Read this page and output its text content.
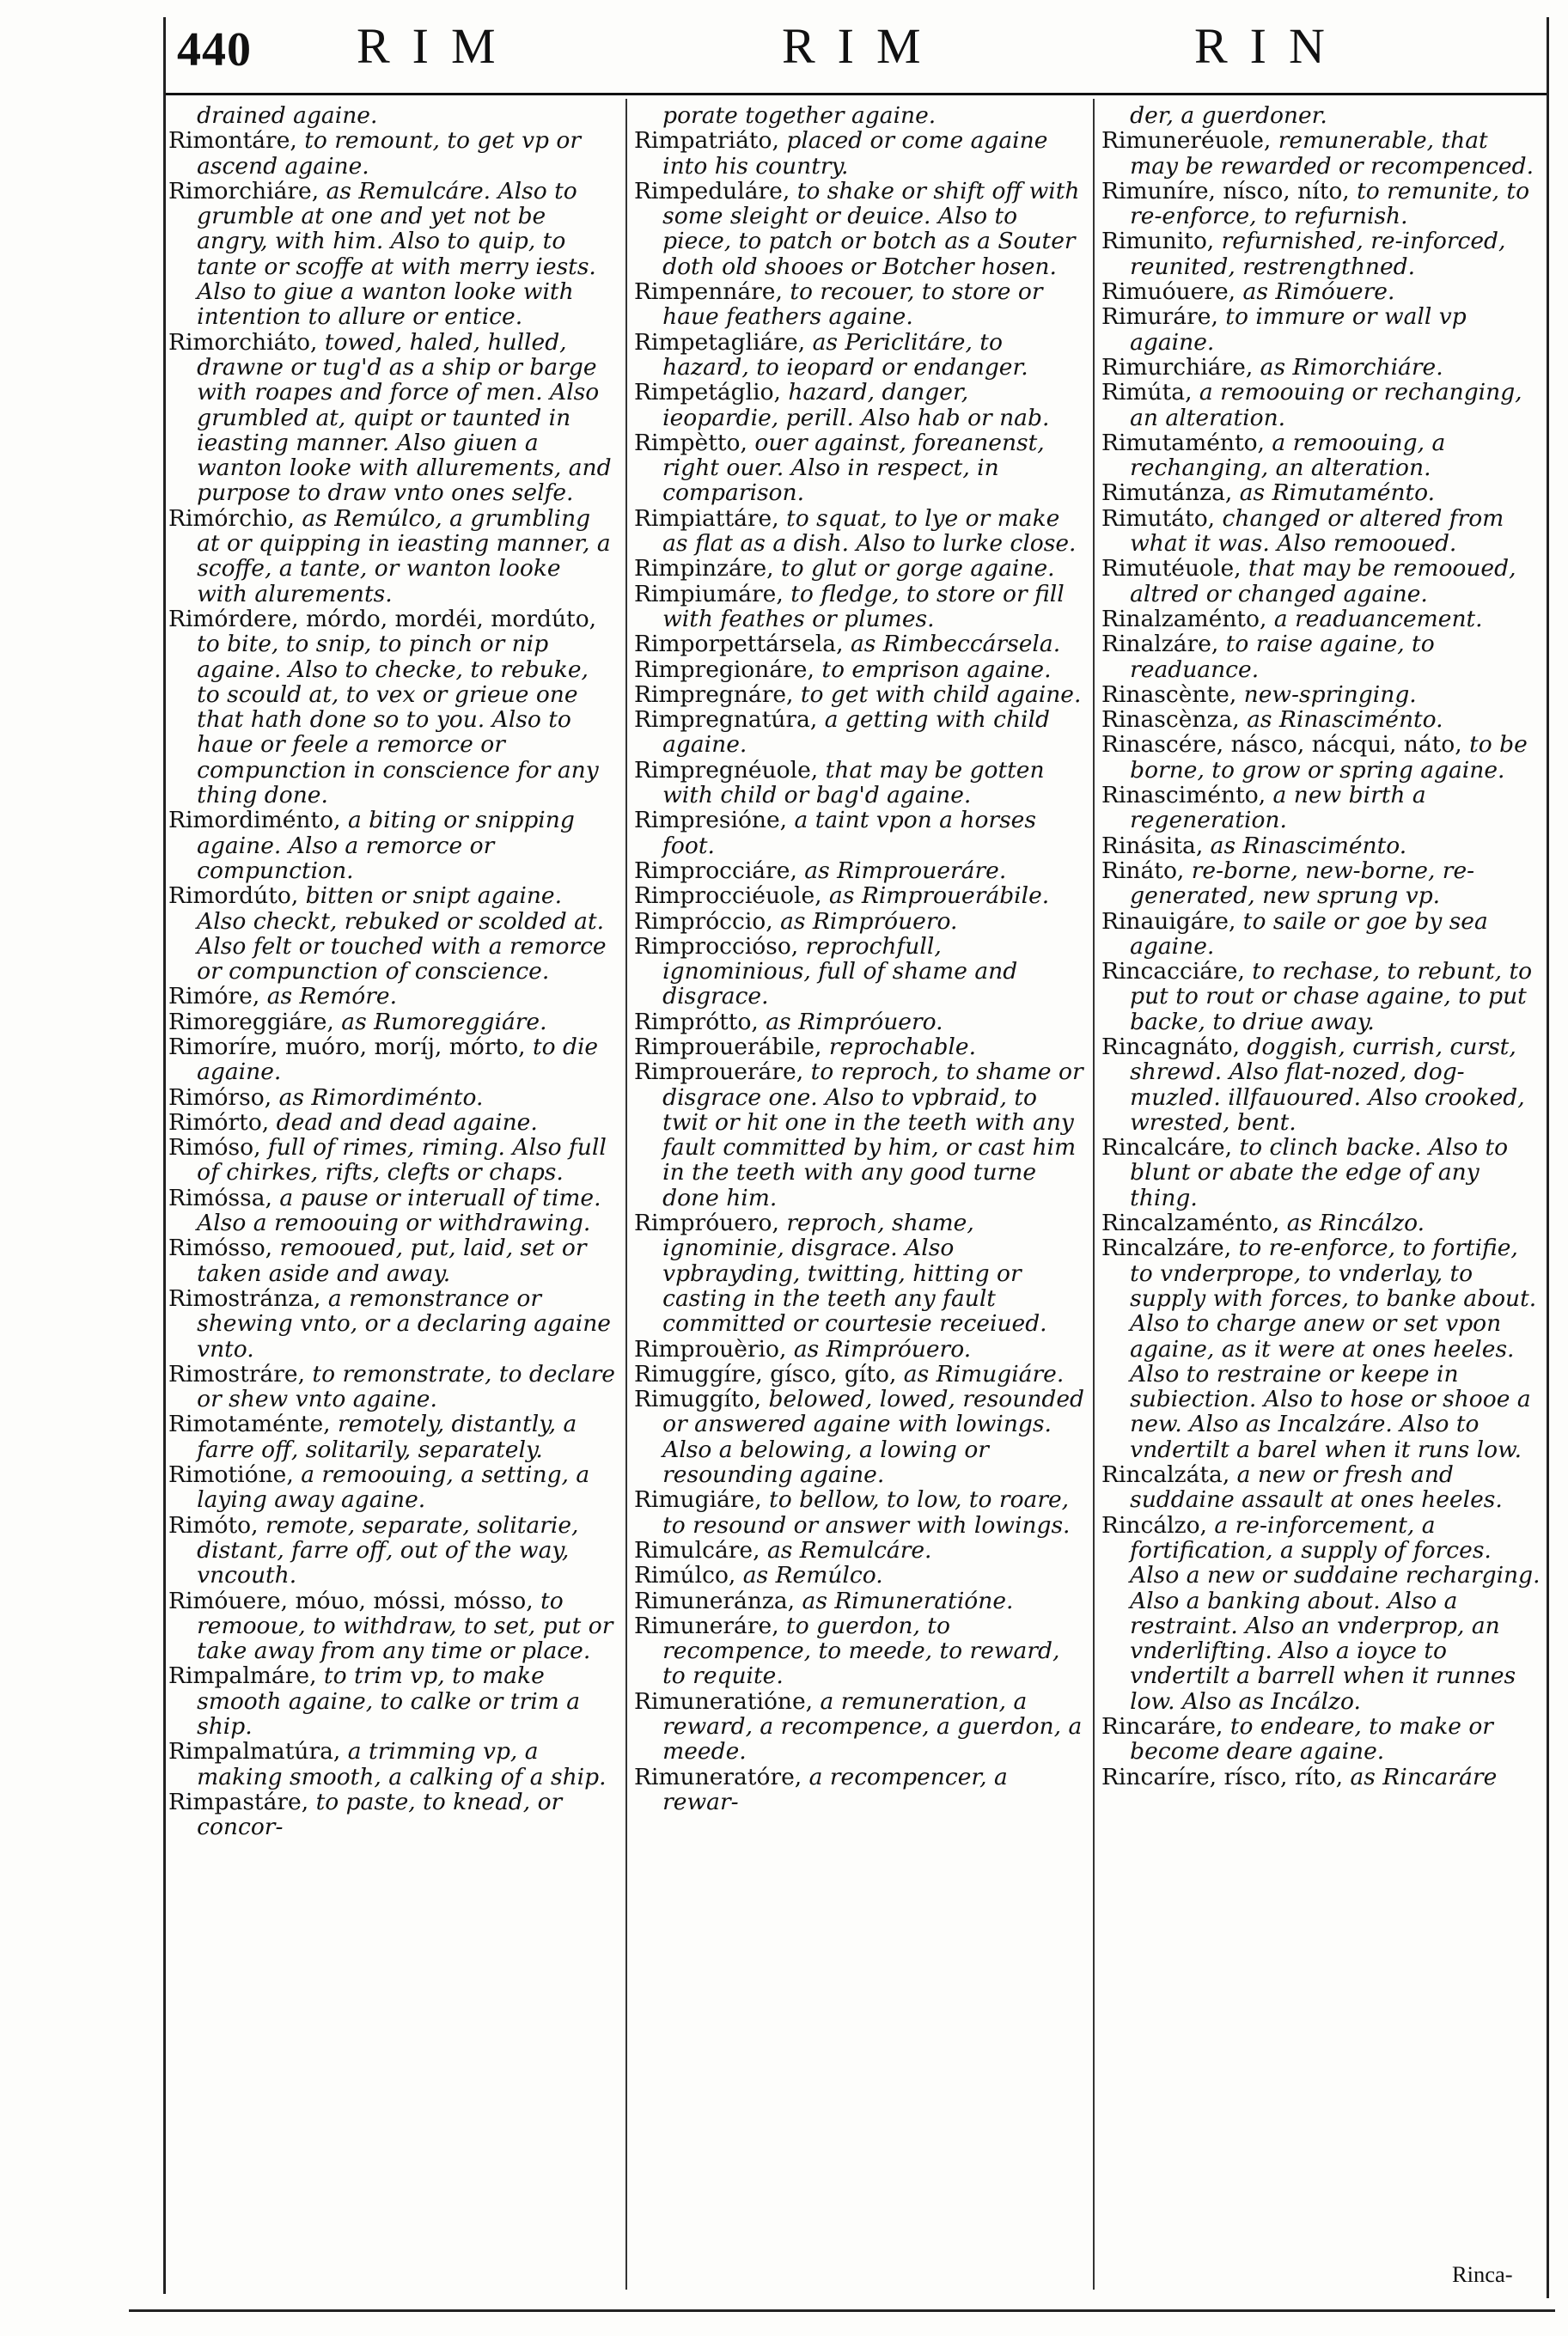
440 RIM	RIM	RIN

drained againe.

Rimontáre, to remount, to get vp or ascend againe.

Rimorchiáre, as Remulcáre. Also to grumble at one and yet not be angry, with him. Also to quip, to tante or scoffe at with merry iests. Also to giue a wanton looke with intention to allure or entice.

Rimorchiáto, towed, haled, hulled, drawne or tug'd as a ship or barge with roapes and force of men. Also grumbled at, quipt or taunted in ieasting manner. Also giuen a wanton looke with allurements, and purpose to draw vnto ones selfe.

Rimórchio, as Remúlco, a grumbling at or quipping in ieasting manner, a scoffe, a tante, or wanton looke with alurements.

Rimórdere, mórdo, mordéi, mordúto, to bite, to snip, to pinch or nip againe. Also to checke, to rebuke, to scould at, to vex or grieue one that hath done so to you. Also to haue or feele a remorce or compunction in conscience for any thing done.

Rimordiménto, a biting or snipping againe. Also a remorce or compunction.

Rimordúto, bitten or snipt againe. Also checkt, rebuked or scolded at. Also felt or touched with a remorce or compunction of conscience.

Rimóre, as Remóre.

Rimoreggiáre, as Rumoreggiáre.

Rimoríre, muóro, moríj, mórto, to die againe.

Rimórso, as Rimordiménto.

Rimórto, dead and dead againe.

Rimóso, full of rimes, riming. Also full of chirkes, rifts, clefts or chaps.

Rimóssa, a pause or interuall of time. Also a remoouing or withdrawing.

Rimósso, remooued, put, laid, set or taken aside and away.

Rimostránza, a remonstrance or shewing vnto, or a declaring againe vnto.

Rimostráre, to remonstrate, to declare or shew vnto againe.

Rimotaménte, remotely, distantly, a farre off, solitarily, separately.

Rimotióne, a remoouing, a setting, a laying away againe.

Rimóto, remote, separate, solitarie, distant, farre off, out of the way, vncouth.

Rimóuere, móuo, móssi, mósso, to remooue, to withdraw, to set, put or take away from any time or place.

Rimpalmáre, to trim vp, to make smooth againe, to calke or trim a ship.

Rimpalmatúra, a trimming vp, a making smooth, a calking of a ship.

Rimpastáre, to paste, to knead, or concor-

porate together againe.

Rimpatriáto, placed or come againe into his country.

Rimpeduláre, to shake or shift off with some sleight or deuice. Also to piece, to patch or botch as a Souter doth old shooes or Botcher hosen.

Rimpennáre, to recouer, to store or haue feathers againe.

Rimpetagliáre, as Periclitáre, to hazard, to ieopard or endanger.

Rimpetáglio, hazard, danger, ieopardie, perill. Also hab or nab.

Rimpètto, ouer against, foreanenst, right ouer. Also in respect, in comparison.

Rimpiattáre, to squat, to lye or make as flat as a dish. Also to lurke close.

Rimpinzáre, to glut or gorge againe.

Rimpiumáre, to fledge, to store or fill with feathes or plumes.

Rimporpettársela, as Rimbeccársela.

Rimpregionáre, to emprison againe.

Rimpregnáre, to get with child againe.

Rimpregnatúra, a getting with child againe.

Rimpregnéuole, that may be gotten with child or bag'd againe.

Rimpresióne, a taint vpon a horses foot.

Rimprocciáre, as Rimproueráre.

Rimprocciéuole, as Rimprouerábile.

Rimpróccio, as Rimpróuero.

Rimprocciόso, reprochfull, ignominious, full of shame and disgrace.

Rimprótto, as Rimpróuero.

Rimprouerábile, reprochable.

Rimproueráre, to reproch, to shame or disgrace one. Also to vpbraid, to twit or hit one in the teeth with any fault committed by him, or cast him in the teeth with any good turne done him.

Rimpróuero, reproch, shame, ignominie, disgrace. Also vpbrayding, twitting, hitting or casting in the teeth any fault committed or courtesie receiued.

Rimprouèrio, as Rimpróuero.

Rimuggíre, gísco, gíto, as Rimugiáre.

Rimuggíto, belowed, lowed, resounded or answered againe with lowings. Also a belowing, a lowing or resounding againe.

Rimugiáre, to bellow, to low, to roare, to resound or answer with lowings.

Rimulcáre, as Remulcáre.

Rimúlco, as Remúlco.

Rimuneránza, as Rimuneratióne.

Rimuneráre, to guerdon, to recompence, to meede, to reward, to requite.

Rimuneratióne, a remuneration, a reward, a recompence, a guerdon, a meede.

Rimuneratóre, a recompencer, a rewar-

der, a guerdoner.

Rimuneréuole, remunerable, that may be rewarded or recompenced.

Rimuníre, nísco, níto, to remunite, to re-enforce, to refurnish.

Rimunito, refurnished, re-inforced, reunited, restrengthned.

Rimuóuere, as Rimóuere.

Rimuráre, to immure or wall vp againe.

Rimurchiáre, as Rimorchiáre.

Rimúta, a remoouing or rechanging, an alteration.

Rimutaménto, a remoouing, a rechanging, an alteration.

Rimutánza, as Rimutaménto.

Rimutáto, changed or altered from what it was. Also remooued.

Rimutéuole, that may be remooued, altred or changed againe.

Rinalzaménto, a readuancement.

Rinalzáre, to raise againe, to readuance.

Rinascènte, new-springing.

Rinascènza, as Rinasciménto.

Rinascére, násco, nácqui, náto, to be borne, to grow or spring againe.

Rinasciménto, a new birth a regeneration.

Rinásita, as Rinasciménto.

Rináto, re-borne, new-borne, re-generated, new sprung vp.

Rinauigáre, to saile or goe by sea againe.

Rincacciáre, to rechase, to rebunt, to put to rout or chase againe, to put backe, to driue away.

Rincagnáto, doggish, currish, curst, shrewd. Also flat-nozed, dog-muzled. illfauoured. Also crooked, wrested, bent.

Rincalcáre, to clinch backe. Also to blunt or abate the edge of any thing.

Rincalzaménto, as Rincálzo.

Rincalzáre, to re-enforce, to fortifie, to vnderprope, to vnderlay, to supply with forces, to banke about. Also to charge anew or set vpon againe, as it were at ones heeles. Also to restraine or keepe in subiection. Also to hose or shooe a new. Also as Incalzáre. Also to vndertilt a barel when it runs low.

Rincalzáta, a new or fresh and suddaine assault at ones heeles.

Rincálzo, a re-inforcement, a fortification, a supply of forces. Also a new or suddaine recharging. Also a banking about. Also a restraint. Also an vnderprop, an vnderlifting. Also a ioyce to vndertilt a barrell when it runnes low. Also as Incálzo.

Rincaráre, to endeare, to make or become deare againe.

Rincaríre, rísco, ríto, as Rincaráre

Rinca-
